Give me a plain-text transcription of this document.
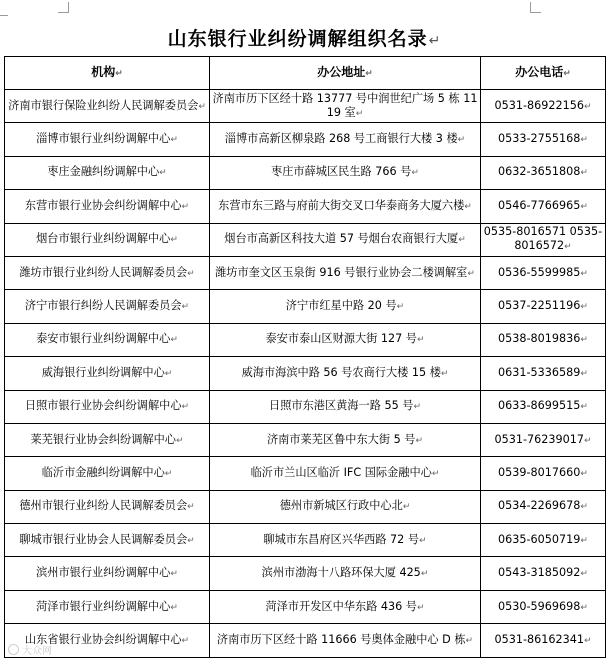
山东银行业纠纷调解组织名录↵
机构↵	办公地址↵	办公电话↵
济南市银行保险业纠纷人民调解委员会↵	济南市历下区经十路 13777 号中润世纪广场 5 栋 1119 室↵	0531-86922156↵
淄博市银行业纠纷调解中心↵	淄博市高新区柳泉路 268 号工商银行大楼 3 楼↵	0533-2755168↵
枣庄金融纠纷调解中心↵	枣庄市薛城区民生路 766 号↵	0632-3651808↵
东营市银行业协会纠纷调解中心↵	东营市东三路与府前大街交叉口华泰商务大厦六楼↵	0546-7766965↵
烟台市银行业纠纷调解中心↵	烟台市高新区科技大道 57 号烟台农商银行大厦↵	0535-8016571 0535-8016572↵
潍坊市银行业纠纷人民调解委员会↵	潍坊市奎文区玉泉街 916 号银行业协会二楼调解室↵	0536-5599985↵
济宁市银行纠纷人民调解委员会↵	济宁市红星中路 20 号↵	0537-2251196↵
泰安市银行业纠纷调解中心↵	泰安市泰山区财源大街 127 号↵	0538-8019836↵
威海银行业纠纷调解中心↵	威海市海滨中路 56 号农商行大楼 15 楼↵	0631-5336589↵
日照市银行业协会纠纷调解中心↵	日照市东港区黄海一路 55 号↵	0633-8699515↵
莱芜银行业协会纠纷调解中心↵	济南市莱芜区鲁中东大街 5 号↵	0531-76239017↵
临沂市金融纠纷调解中心↵	临沂市兰山区临沂 IFC 国际金融中心↵	0539-8017660↵
德州市银行业纠纷人民调解委员会↵	德州市新城区行政中心北↵	0534-2269678↵
聊城市银行业协会人民调解委员会↵	聊城市东昌府区兴华西路 72 号↵	0635-6050719↵
滨州市银行业纠纷调解中心↵	滨州市渤海十八路环保大厦 425↵	0543-3185092↵
菏泽市银行业纠纷调解中心↵	菏泽市开发区中华东路 436 号↵	0530-5969698↵
山东省银行业协会纠纷调解中心↵	济南市历下区经十路 11666 号奥体金融中心 D 栋↵	0531-86162341↵
大众网
